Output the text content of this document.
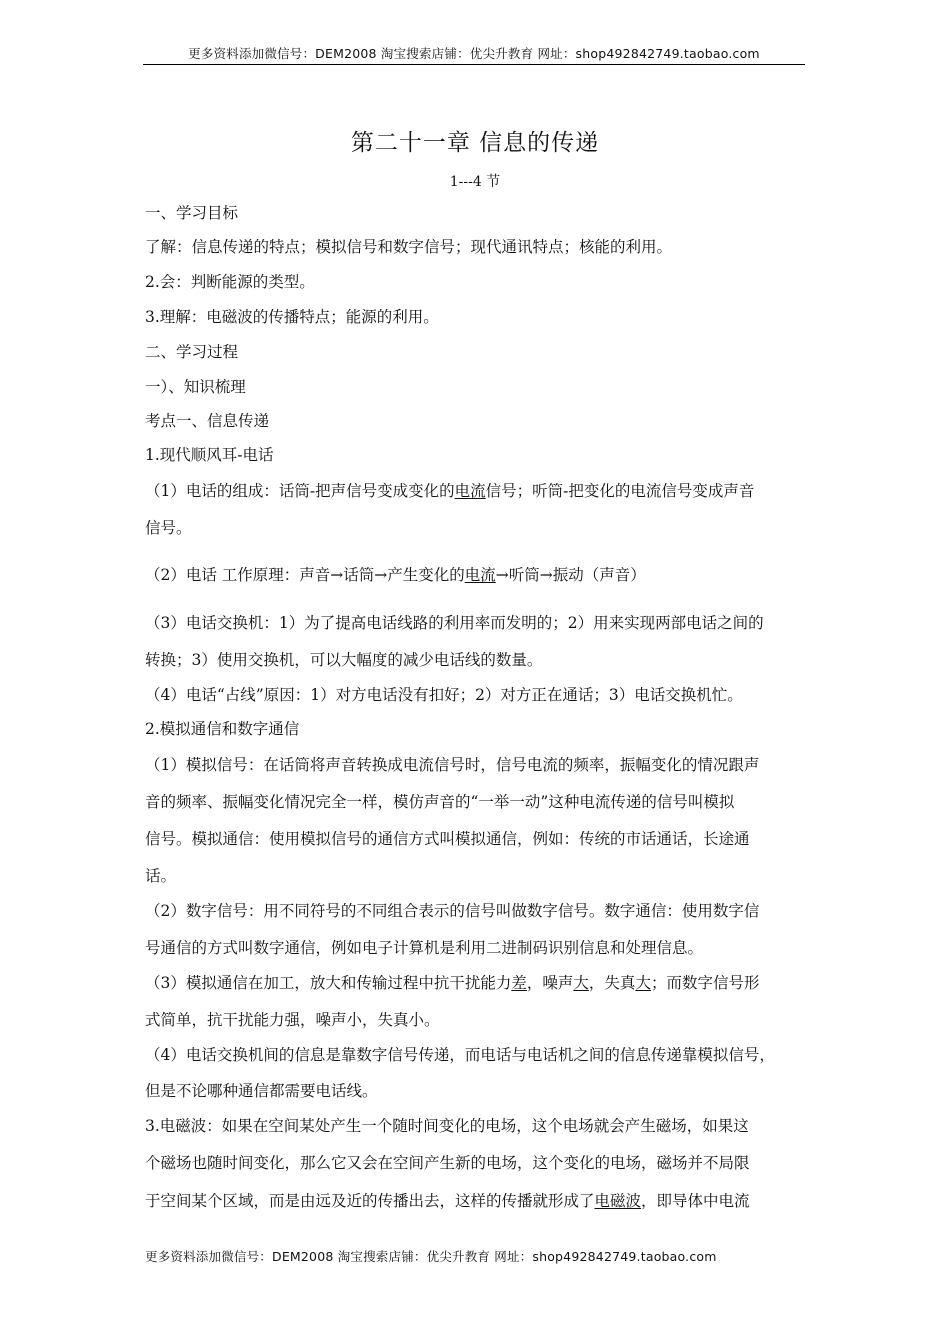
更多资料添加微信号：DEM2008 淘宝搜索店铺：优尖升教育 网址：shop492842749.taobao.com
第二十一章 信息的传递
1---4 节
一、学习目标
了解：信息传递的特点；模拟信号和数字信号；现代通讯特点；核能的利用。
2.会：判断能源的类型。
3.理解：电磁波的传播特点；能源的利用。
二、学习过程
一）、知识梳理
考点一、信息传递
1.现代顺风耳-电话
（1）电话的组成：话筒-把声信号变成变化的电流信号；听筒-把变化的电流信号变成声音
信号。
（2）电话 工作原理：声音→话筒→产生变化的电流→听筒→振动（声音）
（3）电话交换机：1）为了提高电话线路的利用率而发明的；2）用来实现两部电话之间的
转换；3）使用交换机，可以大幅度的减少电话线的数量。
（4）电话“占线”原因：1）对方电话没有扣好；2）对方正在通话；3）电话交换机忙。
2.模拟通信和数字通信
（1）模拟信号：在话筒将声音转换成电流信号时，信号电流的频率，振幅变化的情况跟声
音的频率、振幅变化情况完全一样，模仿声音的“一举一动”这种电流传递的信号叫模拟
信号。模拟通信：使用模拟信号的通信方式叫模拟通信，例如：传统的市话通话，长途通
话。
（2）数字信号：用不同符号的不同组合表示的信号叫做数字信号。数字通信：使用数字信
号通信的方式叫数字通信，例如电子计算机是利用二进制码识别信息和处理信息。
（3）模拟通信在加工，放大和传输过程中抗干扰能力差，噪声大，失真大；而数字信号形
式简单，抗干扰能力强，噪声小，失真小。
（4）电话交换机间的信息是靠数字信号传递，而电话与电话机之间的信息传递靠模拟信号，
但是不论哪种通信都需要电话线。
3.电磁波：如果在空间某处产生一个随时间变化的电场，这个电场就会产生磁场，如果这
个磁场也随时间变化，那么它又会在空间产生新的电场，这个变化的电场，磁场并不局限
于空间某个区域，而是由远及近的传播出去，这样的传播就形成了电磁波，即导体中电流
更多资料添加微信号：DEM2008 淘宝搜索店铺：优尖升教育 网址：shop492842749.taobao.com
